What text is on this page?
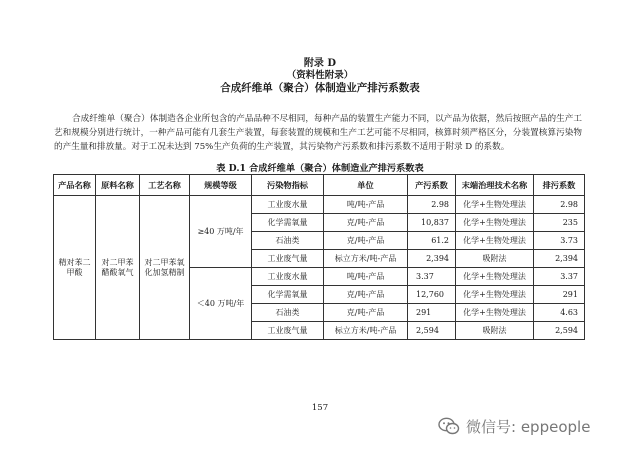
附录 D
（资料性附录）
合成纤维单（聚合）体制造业产排污系数表

合成纤维单（聚合）体制造各企业所包含的产品品种不尽相同，每种产品的装置生产能力不同，以产品为依据，然后按照产品的生产工艺和规模分别进行统计，一种产品可能有几套生产装置，每套装置的规模和生产工艺可能不尽相同，核算时须严格区分，分装置核算污染物的产生量和排放量。对于工况未达到 75%生产负荷的生产装置，其污染物产污系数和排污系数不适用于附录 D 的系数。

表 D.1 合成纤维单（聚合）体制造业产排污系数表
产品名称	原料名称	工艺名称	规模等级	污染物指标	单位	产污系数	末端治理技术名称	排污系数
精对苯二甲酸	对二甲苯醋酸氧气	对二甲苯氧化加氢精制	≥40 万吨/年	工业废水量	吨/吨-产品	2.98	化学+生物处理法	2.98
				化学需氧量	克/吨-产品	10,837	化学+生物处理法	235
				石油类	克/吨-产品	61.2	化学+生物处理法	3.73
				工业废气量	标立方米/吨-产品	2,394	吸附法	2,394
			＜40 万吨/年	工业废水量	吨/吨-产品	3.37	化学+生物处理法	3.37
				化学需氧量	克/吨-产品	12,760	化学+生物处理法	291
				石油类	克/吨-产品	291	化学+生物处理法	4.63
				工业废气量	标立方米/吨-产品	2,594	吸附法	2,594
157
微信号: eppeople
